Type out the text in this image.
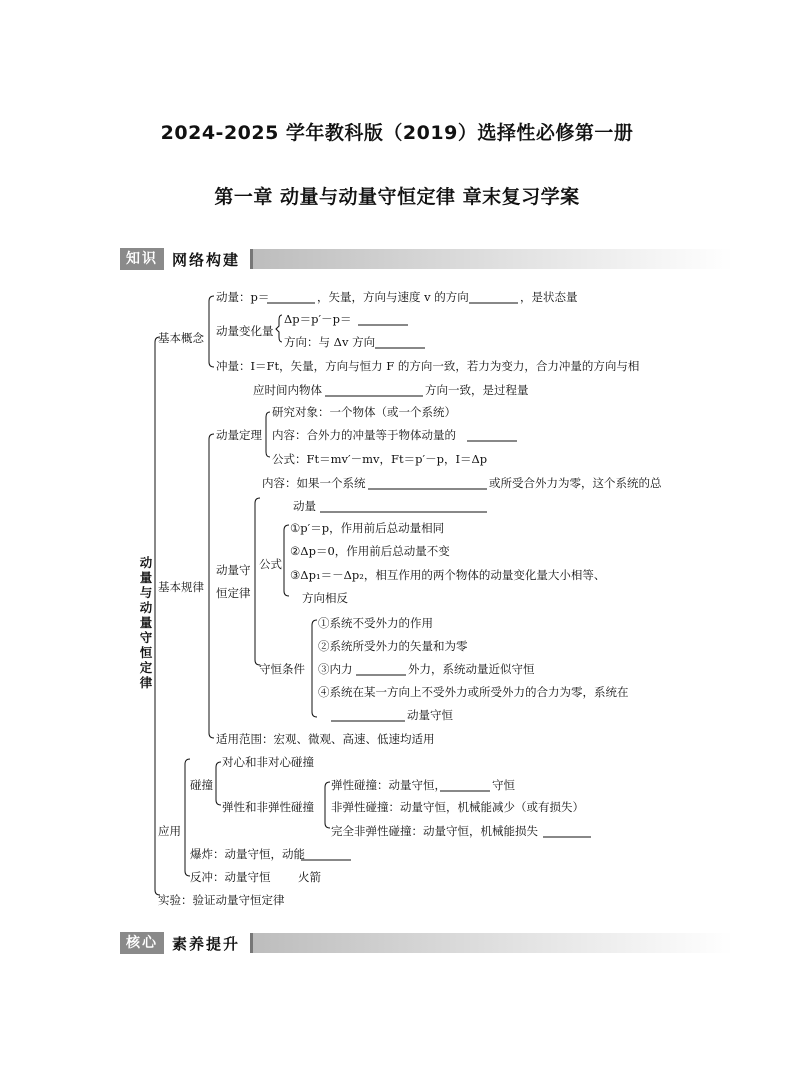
2024-2025 学年教科版（2019）选择性必修第一册
第一章 动量与动量守恒定律 章末复习学案
知识 网络构建
动量与动量守恒定律
基本概念
动量：p＝	，矢量，方向与速度 v 的方向	，是状态量
动量变化量
Δp＝p′－p＝
方向：与 Δv 方向
冲量：I＝Ft，矢量，方向与恒力 F 的方向一致，若力为变力，合力冲量的方向与相
应时间内物体	方向一致，是过程量
基本规律
动量定理
研究对象：一个物体（或一个系统）
内容：合外力的冲量等于物体动量的
公式：Ft＝mv′－mv，Ft＝p′－p，I＝Δp
动量守
恒定律
内容：如果一个系统	或所受合外力为零，这个系统的总
动量
公式
①p′＝p，作用前后总动量相同
②Δp＝0，作用前后总动量不变
③Δp₁＝－Δp₂，相互作用的两个物体的动量变化量大小相等、
方向相反
守恒条件
①系统不受外力的作用
②系统所受外力的矢量和为零
③内力	外力，系统动量近似守恒
④系统在某一方向上不受外力或所受外力的合力为零，系统在
动量守恒
适用范围：宏观、微观、高速、低速均适用
应用
碰撞
对心和非对心碰撞
弹性和非弹性碰撞
弹性碰撞：动量守恒，	守恒
非弹性碰撞：动量守恒，机械能减少（或有损失）
完全非弹性碰撞：动量守恒，机械能损失
爆炸：动量守恒，动能
反冲：动量守恒 火箭
实验：验证动量守恒定律
核心 素养提升
